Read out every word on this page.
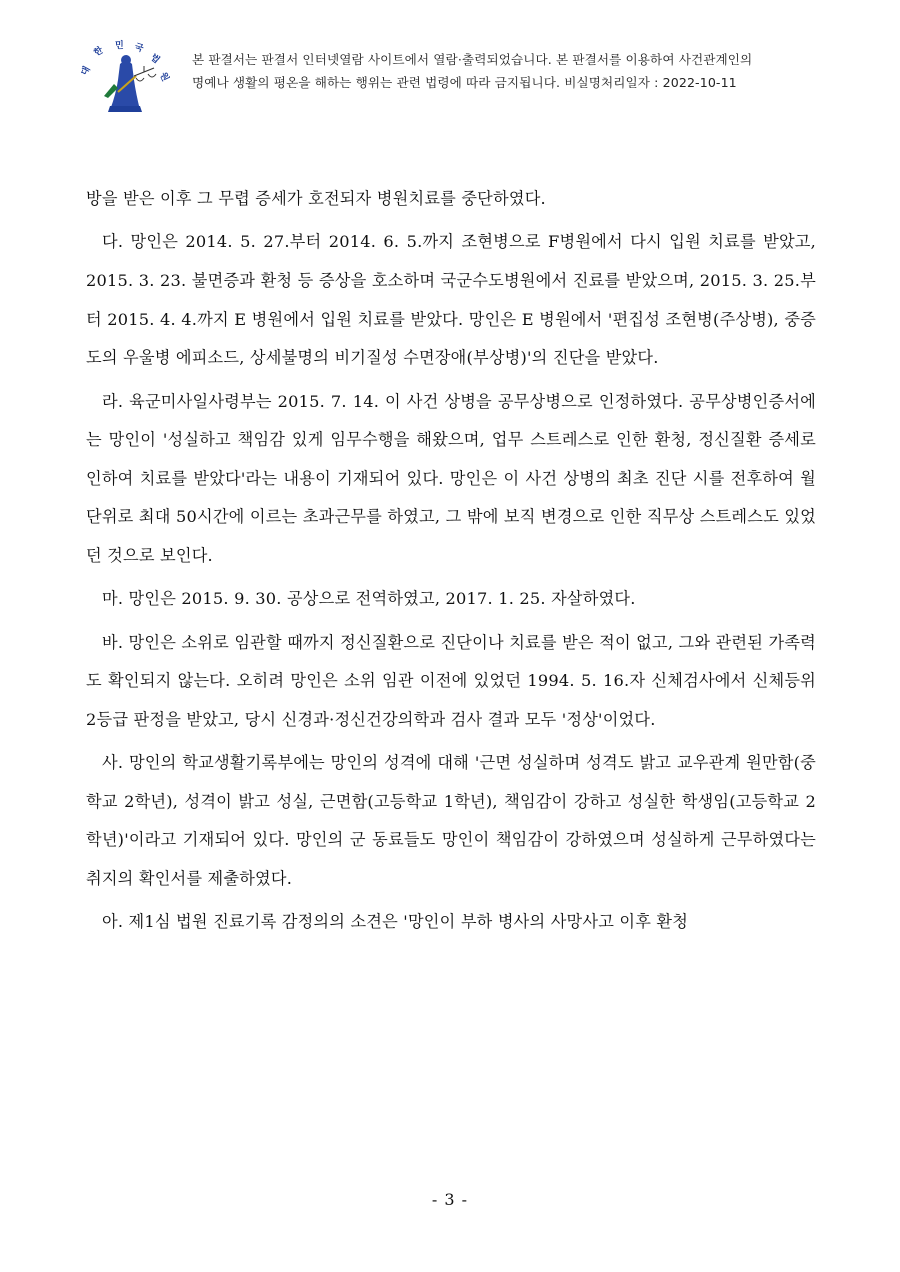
대
한 민 국
법
원
본 판결서는 판결서 인터넷열람 사이트에서 열람·출력되었습니다. 본 판결서를 이용하여 사건관계인의
명예나 생활의 평온을 해하는 행위는 관련 법령에 따라 금지됩니다. 비실명처리일자 : 2022-10-11

방을 받은 이후 그 무렵 증세가 호전되자 병원치료를 중단하였다.

다. 망인은 2014. 5. 27.부터 2014. 6. 5.까지 조현병으로 F병원에서 다시 입원 치료를 받았고, 2015. 3. 23. 불면증과 환청 등 증상을 호소하며 국군수도병원에서 진료를 받았으며, 2015. 3. 25.부터 2015. 4. 4.까지 E 병원에서 입원 치료를 받았다. 망인은 E 병원에서 '편집성 조현병(주상병), 중증도의 우울병 에피소드, 상세불명의 비기질성 수면장애(부상병)'의 진단을 받았다.

라. 육군미사일사령부는 2015. 7. 14. 이 사건 상병을 공무상병으로 인정하였다. 공무상병인증서에는 망인이 '성실하고 책임감 있게 임무수행을 해왔으며, 업무 스트레스로 인한 환청, 정신질환 증세로 인하여 치료를 받았다'라는 내용이 기재되어 있다. 망인은 이 사건 상병의 최초 진단 시를 전후하여 월 단위로 최대 50시간에 이르는 초과근무를 하였고, 그 밖에 보직 변경으로 인한 직무상 스트레스도 있었던 것으로 보인다.

마. 망인은 2015. 9. 30. 공상으로 전역하였고, 2017. 1. 25. 자살하였다.

바. 망인은 소위로 임관할 때까지 정신질환으로 진단이나 치료를 받은 적이 없고, 그와 관련된 가족력도 확인되지 않는다. 오히려 망인은 소위 임관 이전에 있었던 1994. 5. 16.자 신체검사에서 신체등위 2등급 판정을 받았고, 당시 신경과·정신건강의학과 검사 결과 모두 '정상'이었다.

사. 망인의 학교생활기록부에는 망인의 성격에 대해 '근면 성실하며 성격도 밝고 교우관계 원만함(중학교 2학년), 성격이 밝고 성실, 근면함(고등학교 1학년), 책임감이 강하고 성실한 학생임(고등학교 2학년)'이라고 기재되어 있다. 망인의 군 동료들도 망인이 책임감이 강하였으며 성실하게 근무하였다는 취지의 확인서를 제출하였다.

아. 제1심 법원 진료기록 감정의의 소견은 '망인이 부하 병사의 사망사고 이후 환청

- 3 -
